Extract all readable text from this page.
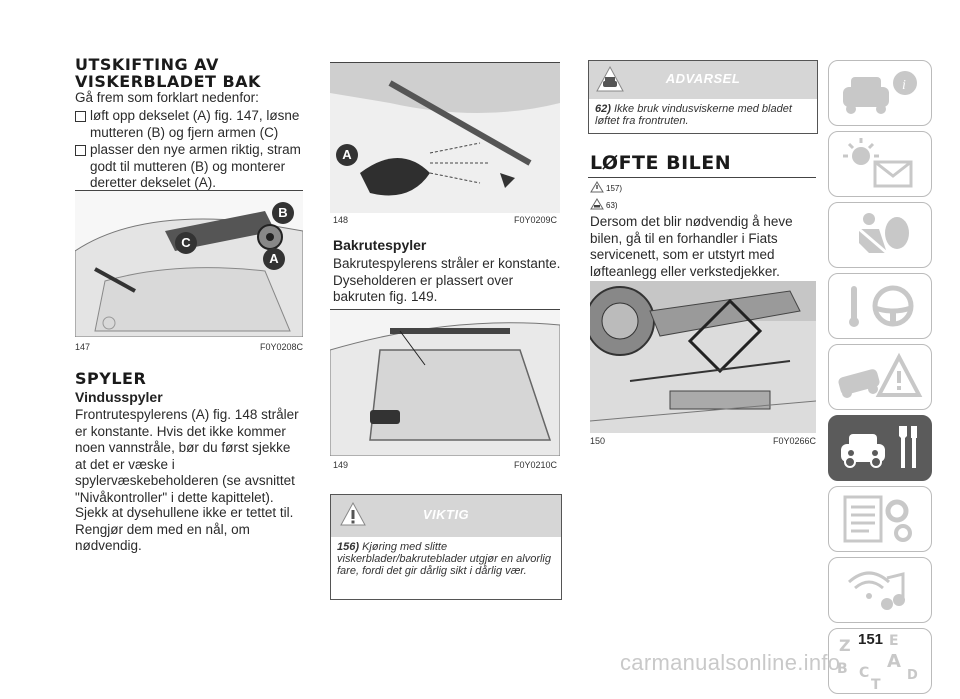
UTSKIFTING AV VISKERBLADET BAK
Gå frem som forklart nedenfor:
løft opp dekselet (A) fig. 147, løsne mutteren (B) og fjern armen (C)
plasser den nye armen riktig, stram godt til mutteren (B) og monterer deretter dekselet (A).
B
C
A
147	F0Y0208C
SPYLER
Vindusspyler
Frontrutespylerens (A) fig. 148 stråler er konstante. Hvis det ikke kommer noen vannstråle, bør du først sjekke at det er væske i spylervæskebeholderen (se avsnittet "Nivåkontroller" i dette kapittelet).
Sjekk at dysehullene ikke er tettet til. Rengjør dem med en nål, om nødvendig.
A
148	F0Y0209C
Bakrutespyler
Bakrutespylerens stråler er konstante. Dyseholderen er plassert over bakruten fig. 149.
149	F0Y0210C
VIKTIG
156) Kjøring med slitte viskerblader/bakruteblader utgjør en alvorlig fare, fordi det gir dårlig sikt i dårlig vær.
ADVARSEL
62) Ikke bruk vindusviskerne med bladet løftet fra frontruten.
LØFTE BILEN
157)
63)
Dersom det blir nødvendig å heve bilen, gå til en forhandler i Fiats servicenett, som er utstyrt med løfteanlegg eller verkstedjekker.
150	F0Y0266C
i
Z	E
A
B C
T
D
151
carmanualsonline.info
